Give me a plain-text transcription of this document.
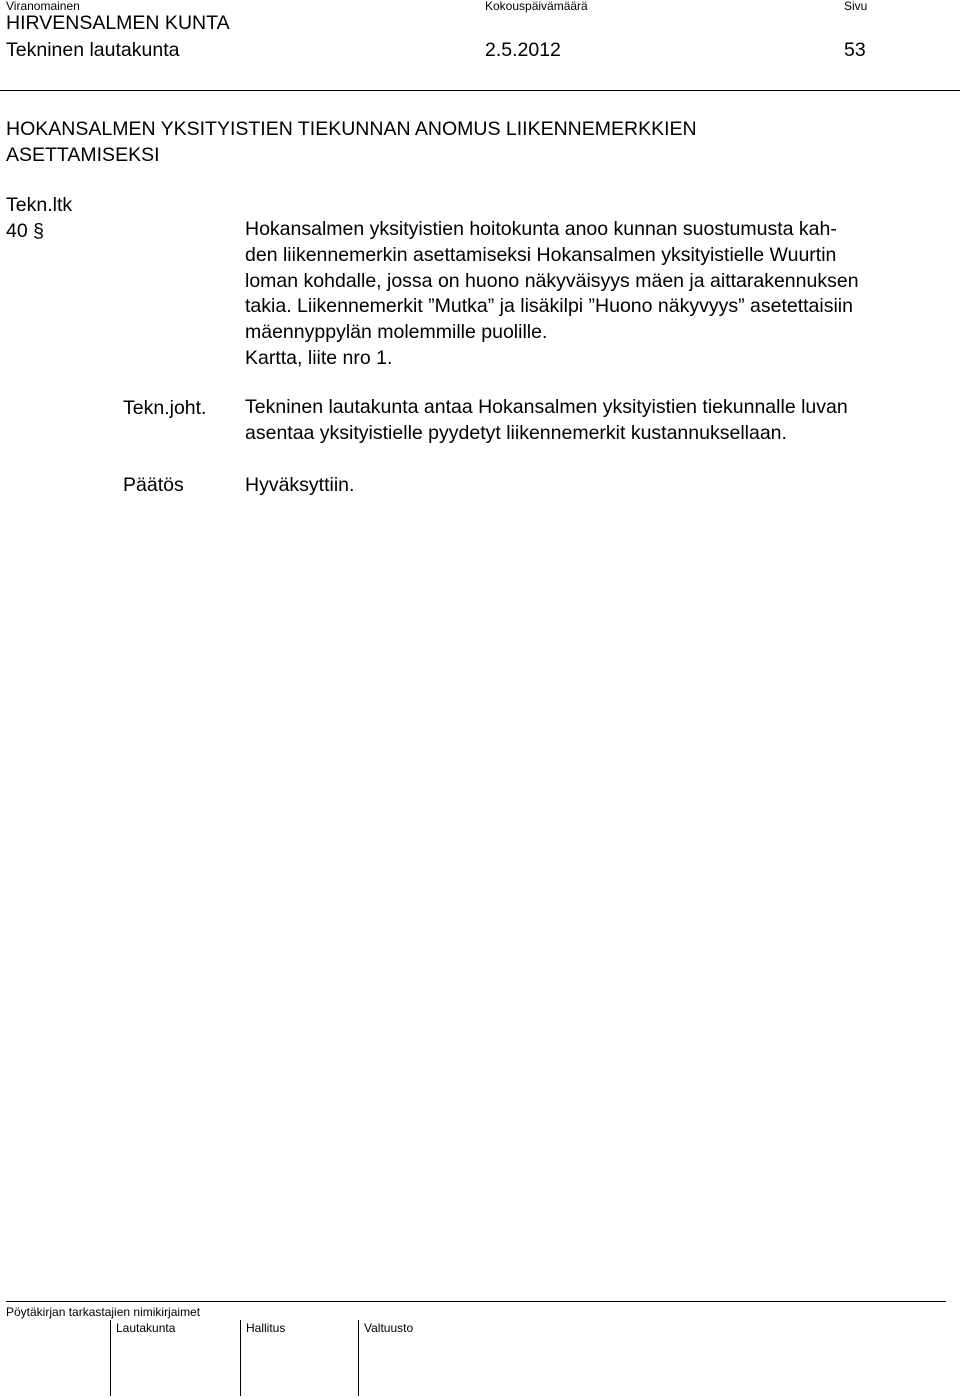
Viranomainen	Kokouspäivämäärä	Sivu
HIRVENSALMEN KUNTA
Tekninen lautakunta	2.5.2012	53
HOKANSALMEN YKSITYISTIEN TIEKUNNAN ANOMUS LIIKENNEMERKKIEN
ASETTAMISEKSI
Tekn.ltk
40 §	Hokansalmen yksityistien hoitokunta anoo kunnan suostumusta kah-
den liikennemerkin asettamiseksi Hokansalmen yksityistielle Wuurtin
loman kohdalle, jossa on huono näkyväisyys mäen ja aittarakennuksen
takia. Liikennemerkit ”Mutka” ja lisäkilpi ”Huono näkyvyys” asetettaisiin
mäennyppylän molemmille puolille.
Kartta, liite nro 1.
Tekn.joht. Tekninen lautakunta antaa Hokansalmen yksityistien tiekunnalle luvan
asentaa yksityistielle pyydetyt liikennemerkit kustannuksellaan.
Päätös	Hyväksyttiin.
Pöytäkirjan tarkastajien nimikirjaimet
Lautakunta	Hallitus	Valtuusto
